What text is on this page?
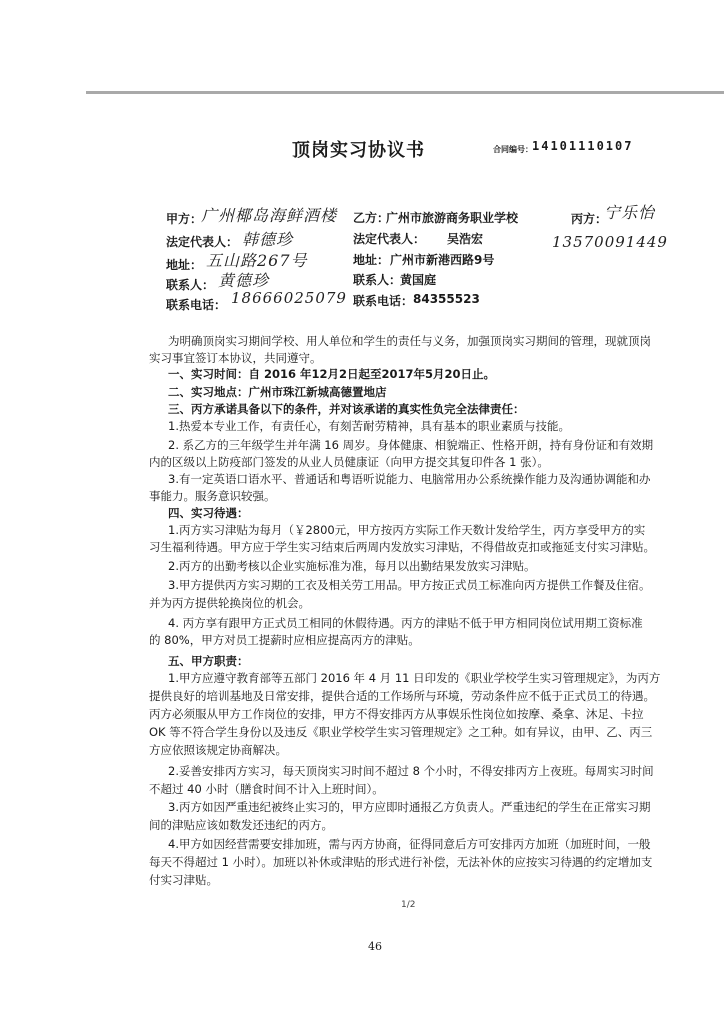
顶岗实习协议书	合同编号： 14101110107
甲方：
广州椰岛海鲜酒楼
法定代表人： 韩德珍
地址： 五山路267号
联系人： 黄德珍
联系电话： 18666025079
乙方：
广州市旅游商务职业学校
法定代表人： 吴浩宏
地址： 广州市新港西路9号
联系人：
黄国庭
联系电话： 84355523
丙方：
宁乐怡
13570091449
为明确顶岗实习期间学校、用人单位和学生的责任与义务，加强顶岗实习期间的管理，现就顶岗
实习事宜签订本协议，共同遵守。
一、实习时间：自 2016 年12月2日起至2017年5月20日止。
二、实习地点：广州市珠江新城高德置地店
三、丙方承诺具备以下的条件，并对该承诺的真实性负完全法律责任：
1.热爱本专业工作，有责任心，有刻苦耐劳精神，具有基本的职业素质与技能。
2. 系乙方的三年级学生并年满 16 周岁。身体健康、相貌端正、性格开朗，持有身份证和有效期
内的区级以上防疫部门签发的从业人员健康证（向甲方提交其复印件各 1 张）。
3.有一定英语口语水平、普通话和粤语听说能力、电脑常用办公系统操作能力及沟通协调能和办
事能力。服务意识较强。
四、实习待遇：
1.丙方实习津贴为每月（￥2800元，甲方按丙方实际工作天数计发给学生，丙方享受甲方的实
习生福利待遇。甲方应于学生实习结束后两周内发放实习津贴，不得借故克扣或拖延支付实习津贴。
2.丙方的出勤考核以企业实施标准为准，每月以出勤结果发放实习津贴。
3.甲方提供丙方实习期的工衣及相关劳工用品。甲方按正式员工标准向丙方提供工作餐及住宿。
并为丙方提供轮换岗位的机会。
4. 丙方享有跟甲方正式员工相同的休假待遇。丙方的津贴不低于甲方相同岗位试用期工资标准
的 80%，甲方对员工提薪时应相应提高丙方的津贴。
五、甲方职责：
1.甲方应遵守教育部等五部门 2016 年 4 月 11 日印发的《职业学校学生实习管理规定》，为丙方
提供良好的培训基地及日常安排，提供合适的工作场所与环境，劳动条件应不低于正式员工的待遇。
丙方必须服从甲方工作岗位的安排，甲方不得安排丙方从事娱乐性岗位如按摩、桑拿、沐足、卡拉
OK 等不符合学生身份以及违反《职业学校学生实习管理规定》之工种。如有异议，由甲、乙、丙三
方应依照该规定协商解决。
2.妥善安排丙方实习，每天顶岗实习时间不超过 8 个小时，不得安排丙方上夜班。每周实习时间
不超过 40 小时（膳食时间不计入上班时间）。
3.丙方如因严重违纪被终止实习的，甲方应即时通报乙方负责人。严重违纪的学生在正常实习期
间的津贴应该如数发还违纪的丙方。
4.甲方如因经营需要安排加班，需与丙方协商，征得同意后方可安排丙方加班（加班时间，一般
每天不得超过 1 小时）。加班以补休或津贴的形式进行补偿，无法补休的应按实习待遇的约定增加支
付实习津贴。
1/2
46
